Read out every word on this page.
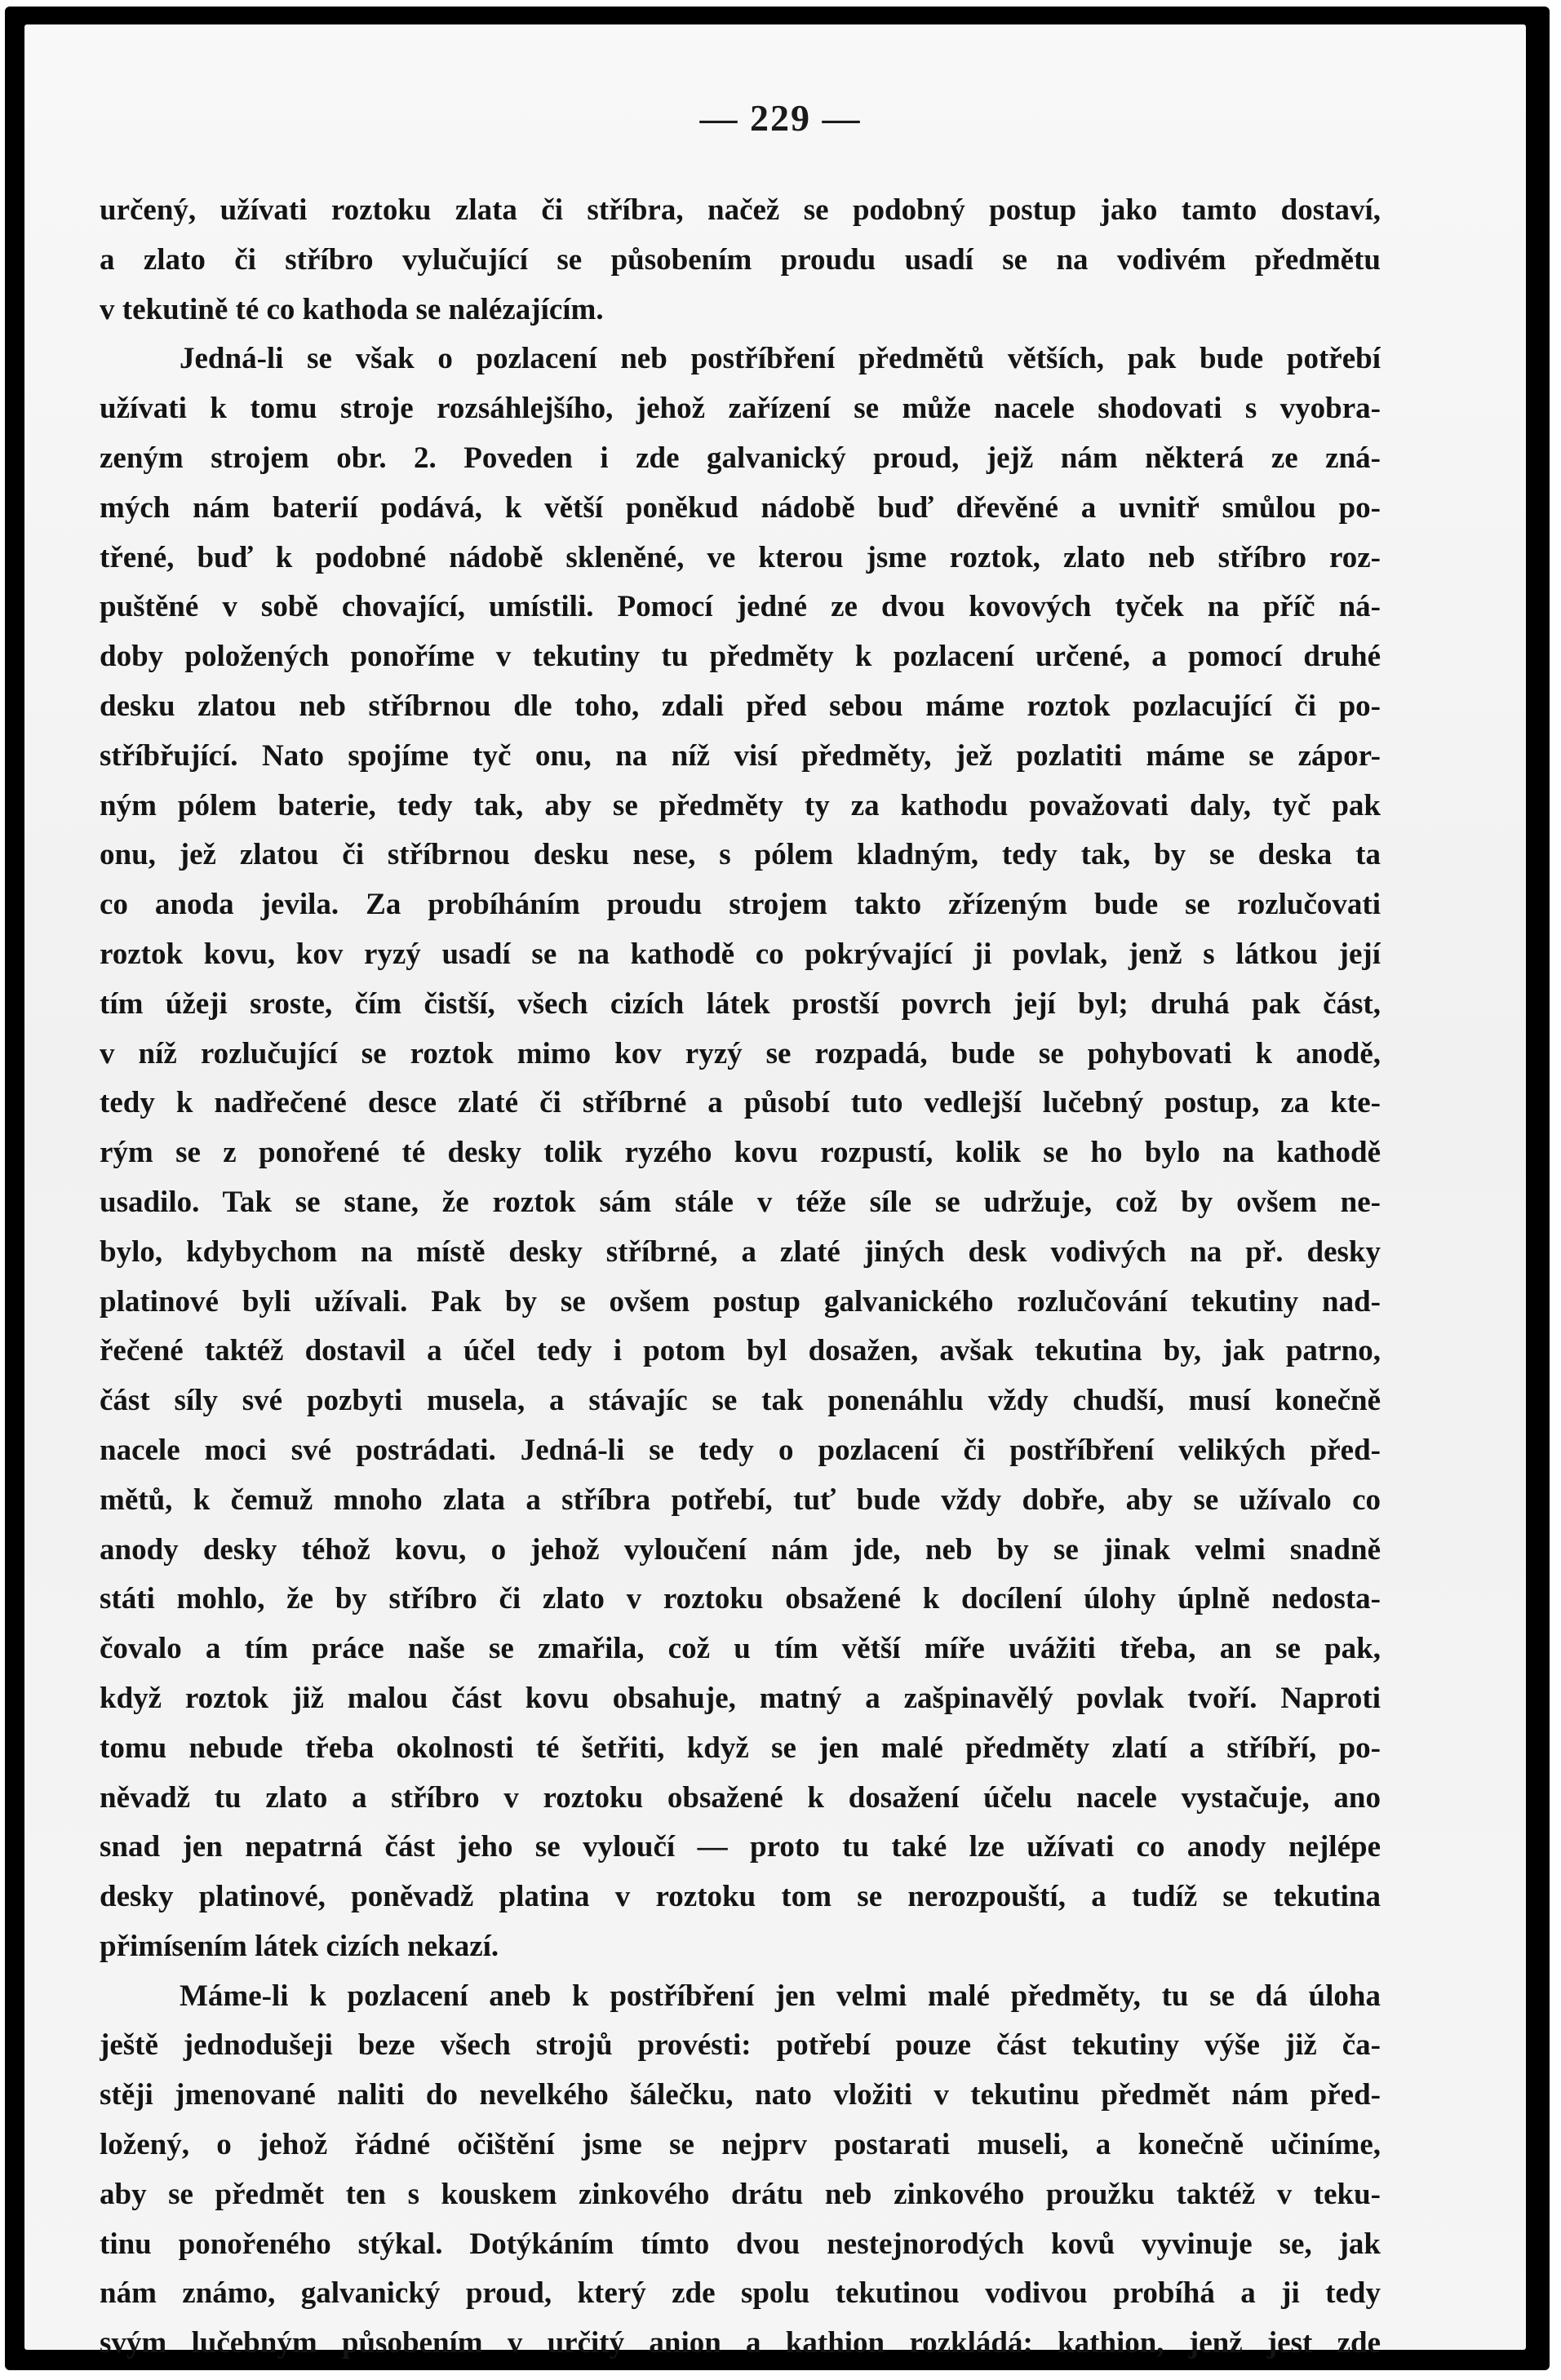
— 229 —
určený, užívati roztoku zlata či stříbra, načež se podobný postup jako tamto dostaví,
a zlato či stříbro vylučující se působením proudu usadí se na vodivém předmětu
v tekutině té co kathoda se nalézajícím.
Jedná-li se však o pozlacení neb postříbření předmětů větších, pak bude potřebí
užívati k tomu stroje rozsáhlejšího, jehož zařízení se může nacele shodovati s vyobra-
zeným strojem obr. 2. Poveden i zde galvanický proud, jejž nám některá ze zná-
mých nám baterií podává, k větší poněkud nádobě buď dřevěné a uvnitř smůlou po-
třené, buď k podobné nádobě skleněné, ve kterou jsme roztok, zlato neb stříbro roz-
puštěné v sobě chovající, umístili. Pomocí jedné ze dvou kovových tyček na příč ná-
doby položených ponoříme v tekutiny tu předměty k pozlacení určené, a pomocí druhé
desku zlatou neb stříbrnou dle toho, zdali před sebou máme roztok pozlacující či po-
stříbřující. Nato spojíme tyč onu, na níž visí předměty, jež pozlatiti máme se zápor-
ným pólem baterie, tedy tak, aby se předměty ty za kathodu považovati daly, tyč pak
onu, jež zlatou či stříbrnou desku nese, s pólem kladným, tedy tak, by se deska ta
co anoda jevila. Za probíháním proudu strojem takto zřízeným bude se rozlučovati
roztok kovu, kov ryzý usadí se na kathodě co pokrývající ji povlak, jenž s látkou její
tím úžeji sroste, čím čistší, všech cizích látek prostší povrch její byl; druhá pak část,
v níž rozlučující se roztok mimo kov ryzý se rozpadá, bude se pohybovati k anodě,
tedy k nadřečené desce zlaté či stříbrné a působí tuto vedlejší lučebný postup, za kte-
rým se z ponořené té desky tolik ryzého kovu rozpustí, kolik se ho bylo na kathodě
usadilo. Tak se stane, že roztok sám stále v téže síle se udržuje, což by ovšem ne-
bylo, kdybychom na místě desky stříbrné, a zlaté jiných desk vodivých na př. desky
platinové byli užívali. Pak by se ovšem postup galvanického rozlučování tekutiny nad-
řečené taktéž dostavil a účel tedy i potom byl dosažen, avšak tekutina by, jak patrno,
část síly své pozbyti musela, a stávajíc se tak ponenáhlu vždy chudší, musí konečně
nacele moci své postrádati. Jedná-li se tedy o pozlacení či postříbření velikých před-
mětů, k čemuž mnoho zlata a stříbra potřebí, tuť bude vždy dobře, aby se užívalo co
anody desky téhož kovu, o jehož vyloučení nám jde, neb by se jinak velmi snadně
státi mohlo, že by stříbro či zlato v roztoku obsažené k docílení úlohy úplně nedosta-
čovalo a tím práce naše se zmařila, což u tím větší míře uvážiti třeba, an se pak,
když roztok již malou část kovu obsahuje, matný a zašpinavělý povlak tvoří. Naproti
tomu nebude třeba okolnosti té šetřiti, když se jen malé předměty zlatí a stříbří, po-
něvadž tu zlato a stříbro v roztoku obsažené k dosažení účelu nacele vystačuje, ano
snad jen nepatrná část jeho se vyloučí — proto tu také lze užívati co anody nejlépe
desky platinové, poněvadž platina v roztoku tom se nerozpouští, a tudíž se tekutina
přimísením látek cizích nekazí.
Máme-li k pozlacení aneb k postříbření jen velmi malé předměty, tu se dá úloha
ještě jednodušeji beze všech strojů provésti: potřebí pouze část tekutiny výše již ča-
stěji jmenované naliti do nevelkého šálečku, nato vložiti v tekutinu předmět nám před-
ložený, o jehož řádné očištění jsme se nejprv postarati museli, a konečně učiníme,
aby se předmět ten s kouskem zinkového drátu neb zinkového proužku taktéž v teku-
tinu ponořeného stýkal. Dotýkáním tímto dvou nestejnorodých kovů vyvinuje se, jak
nám známo, galvanický proud, který zde spolu tekutinou vodivou probíhá a ji tedy
svým lučebným působením v určitý anion a kathion rozkládá: kathion, jenž jest zde
